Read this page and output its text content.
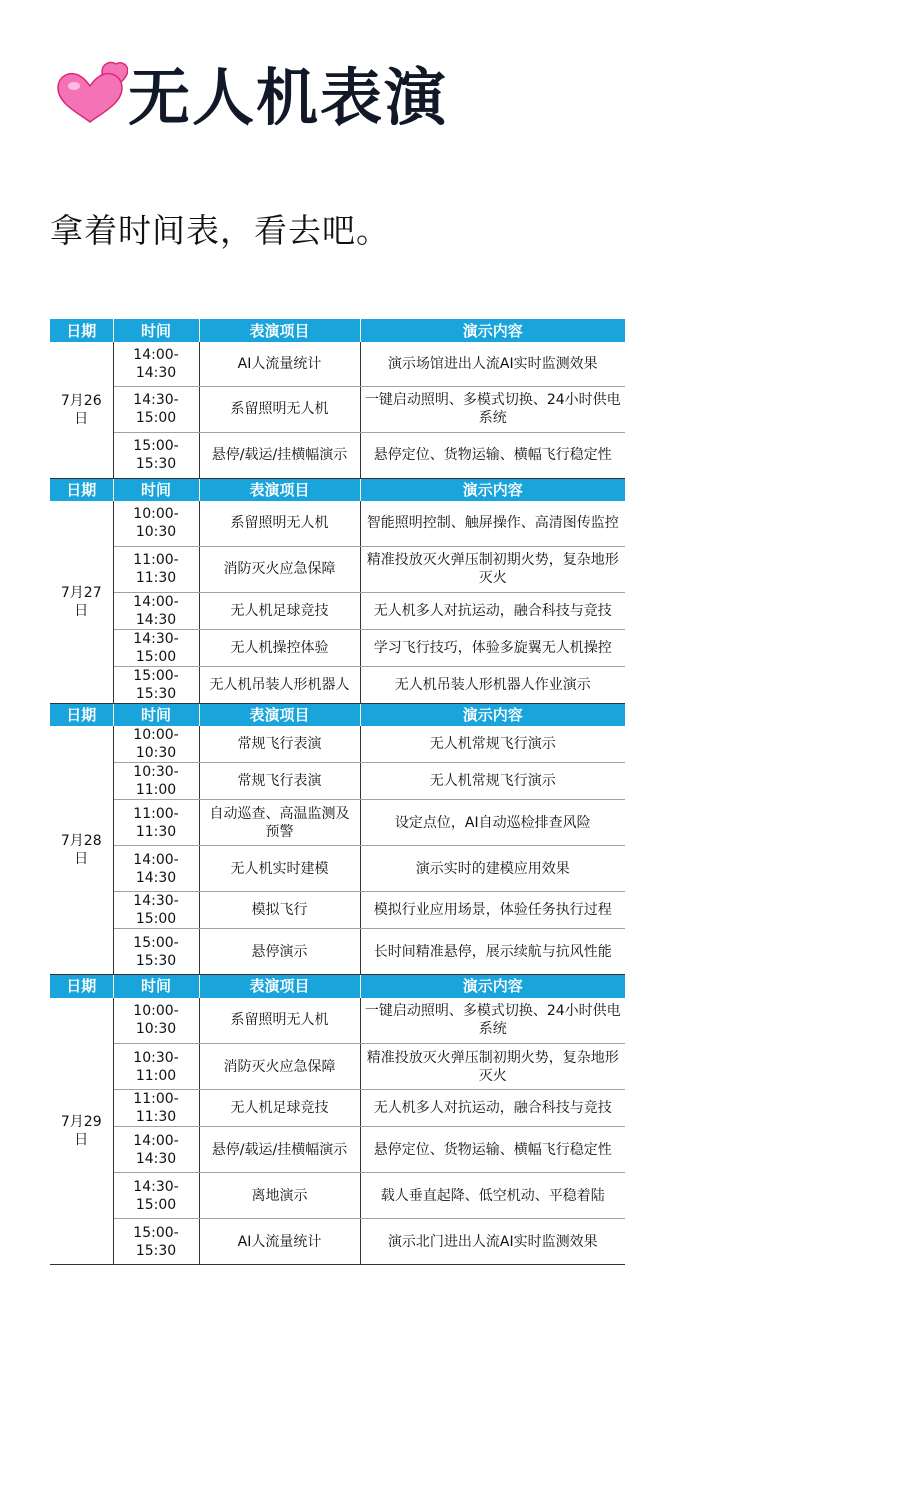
无人机表演
拿着时间表，看去吧。
日期	时间	表演项目	演示内容
7月26日	14:00-14:30	AI人流量统计	演示场馆进出人流AI实时监测效果
	14:30-15:00	系留照明无人机	一键启动照明、多模式切换、24小时供电系统
	15:00-15:30	悬停/载运/挂横幅演示	悬停定位、货物运输、横幅飞行稳定性
日期	时间	表演项目	演示内容
7月27日	10:00-10:30	系留照明无人机	智能照明控制、触屏操作、高清图传监控
	11:00-11:30	消防灭火应急保障	精准投放灭火弹压制初期火势，复杂地形灭火
	14:00-14:30	无人机足球竞技	无人机多人对抗运动，融合科技与竞技
	14:30-15:00	无人机操控体验	学习飞行技巧，体验多旋翼无人机操控
	15:00-15:30	无人机吊装人形机器人	无人机吊装人形机器人作业演示
日期	时间	表演项目	演示内容
7月28日	10:00-10:30	常规飞行表演	无人机常规飞行演示
	10:30-11:00	常规飞行表演	无人机常规飞行演示
	11:00-11:30	自动巡查、高温监测及预警	设定点位，AI自动巡检排查风险
	14:00-14:30	无人机实时建模	演示实时的建模应用效果
	14:30-15:00	模拟飞行	模拟行业应用场景，体验任务执行过程
	15:00-15:30	悬停演示	长时间精准悬停，展示续航与抗风性能
日期	时间	表演项目	演示内容
7月29日	10:00-10:30	系留照明无人机	一键启动照明、多模式切换、24小时供电系统
	10:30-11:00	消防灭火应急保障	精准投放灭火弹压制初期火势，复杂地形灭火
	11:00-11:30	无人机足球竞技	无人机多人对抗运动，融合科技与竞技
	14:00-14:30	悬停/载运/挂横幅演示	悬停定位、货物运输、横幅飞行稳定性
	14:30-15:00	离地演示	载人垂直起降、低空机动、平稳着陆
	15:00-15:30	AI人流量统计	演示北门进出人流AI实时监测效果
